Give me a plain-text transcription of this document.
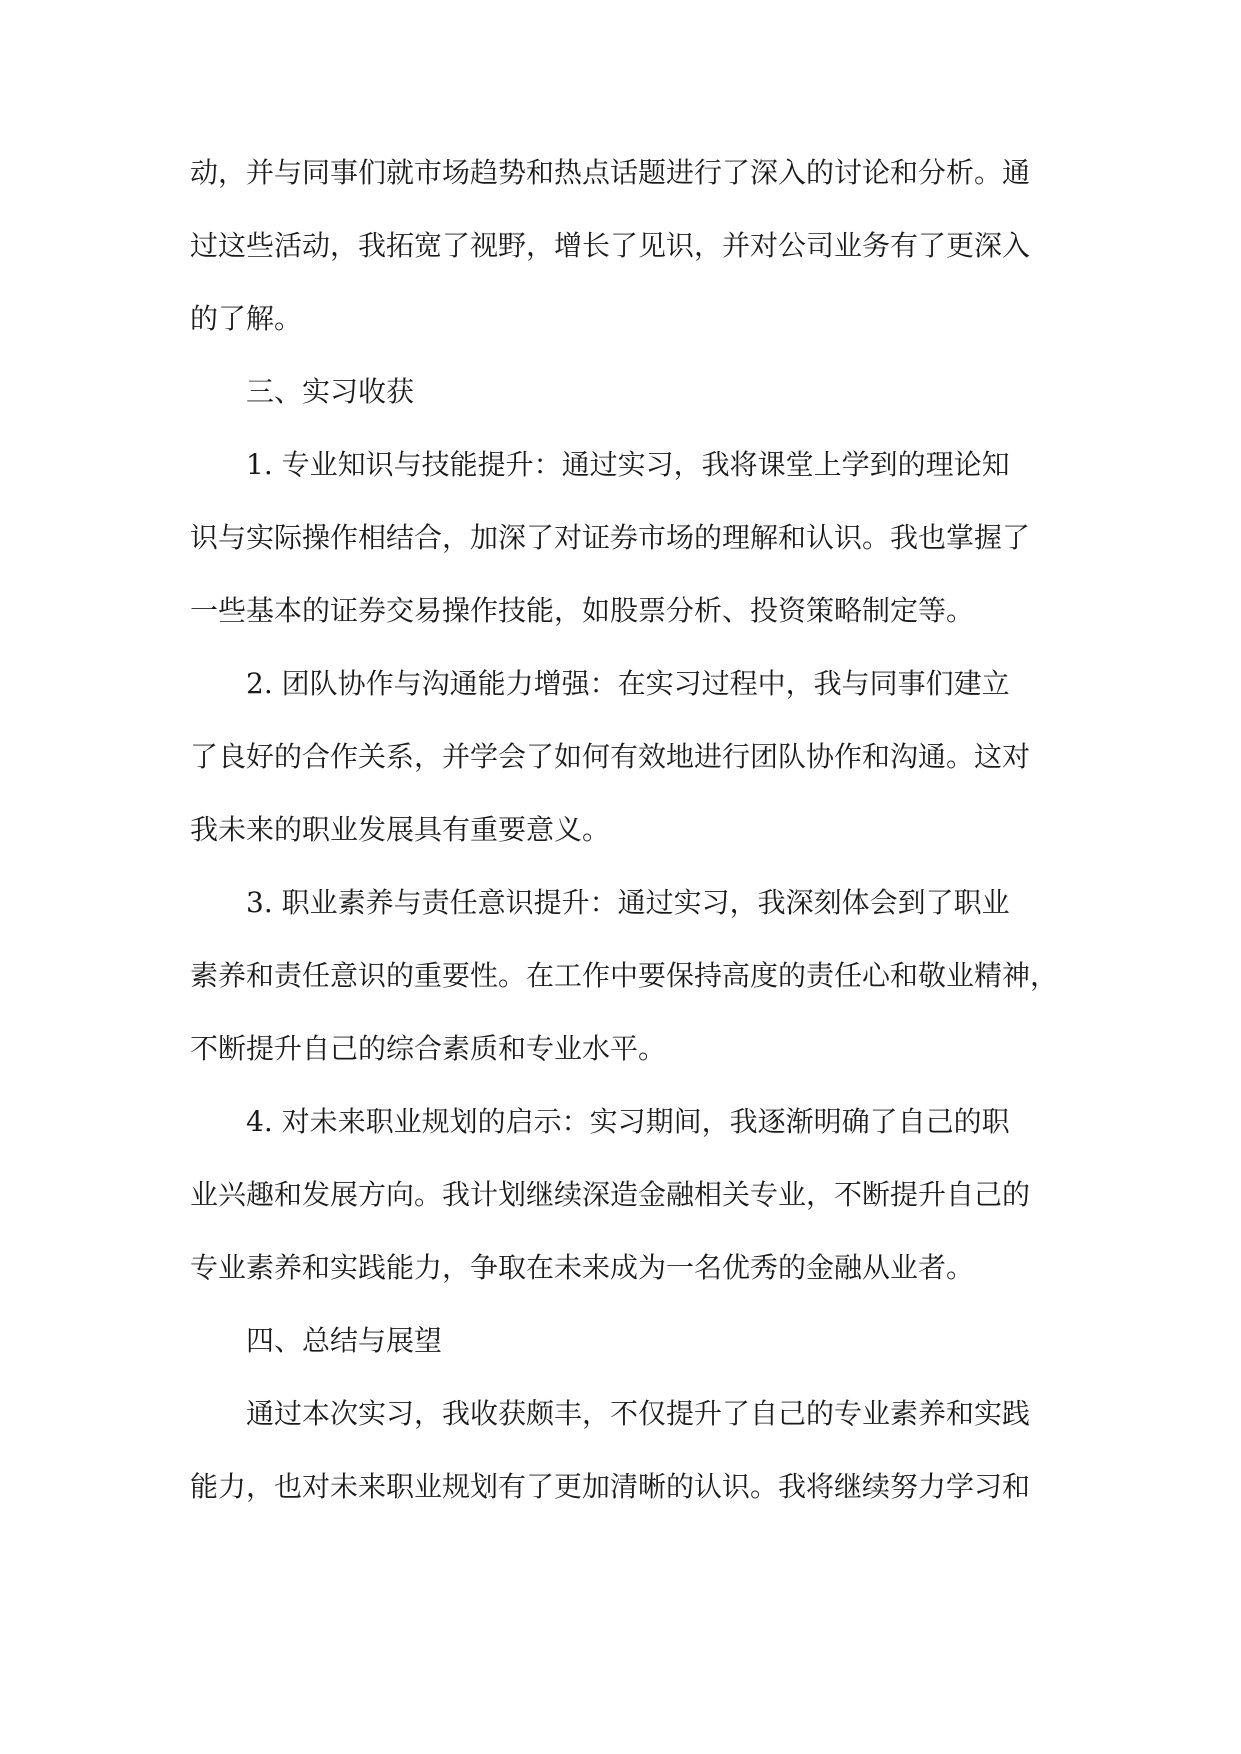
动，并与同事们就市场趋势和热点话题进行了深入的讨论和分析。通
过这些活动，我拓宽了视野，增长了见识，并对公司业务有了更深入
的了解。
三、实习收获
1. 专业知识与技能提升：通过实习，我将课堂上学到的理论知
识与实际操作相结合，加深了对证券市场的理解和认识。我也掌握了
一些基本的证券交易操作技能，如股票分析、投资策略制定等。
2. 团队协作与沟通能力增强：在实习过程中，我与同事们建立
了良好的合作关系，并学会了如何有效地进行团队协作和沟通。这对
我未来的职业发展具有重要意义。
3. 职业素养与责任意识提升：通过实习，我深刻体会到了职业
素养和责任意识的重要性。在工作中要保持高度的责任心和敬业精神，
不断提升自己的综合素质和专业水平。
4. 对未来职业规划的启示：实习期间，我逐渐明确了自己的职
业兴趣和发展方向。我计划继续深造金融相关专业，不断提升自己的
专业素养和实践能力，争取在未来成为一名优秀的金融从业者。
四、总结与展望
通过本次实习，我收获颇丰，不仅提升了自己的专业素养和实践
能力，也对未来职业规划有了更加清晰的认识。我将继续努力学习和
